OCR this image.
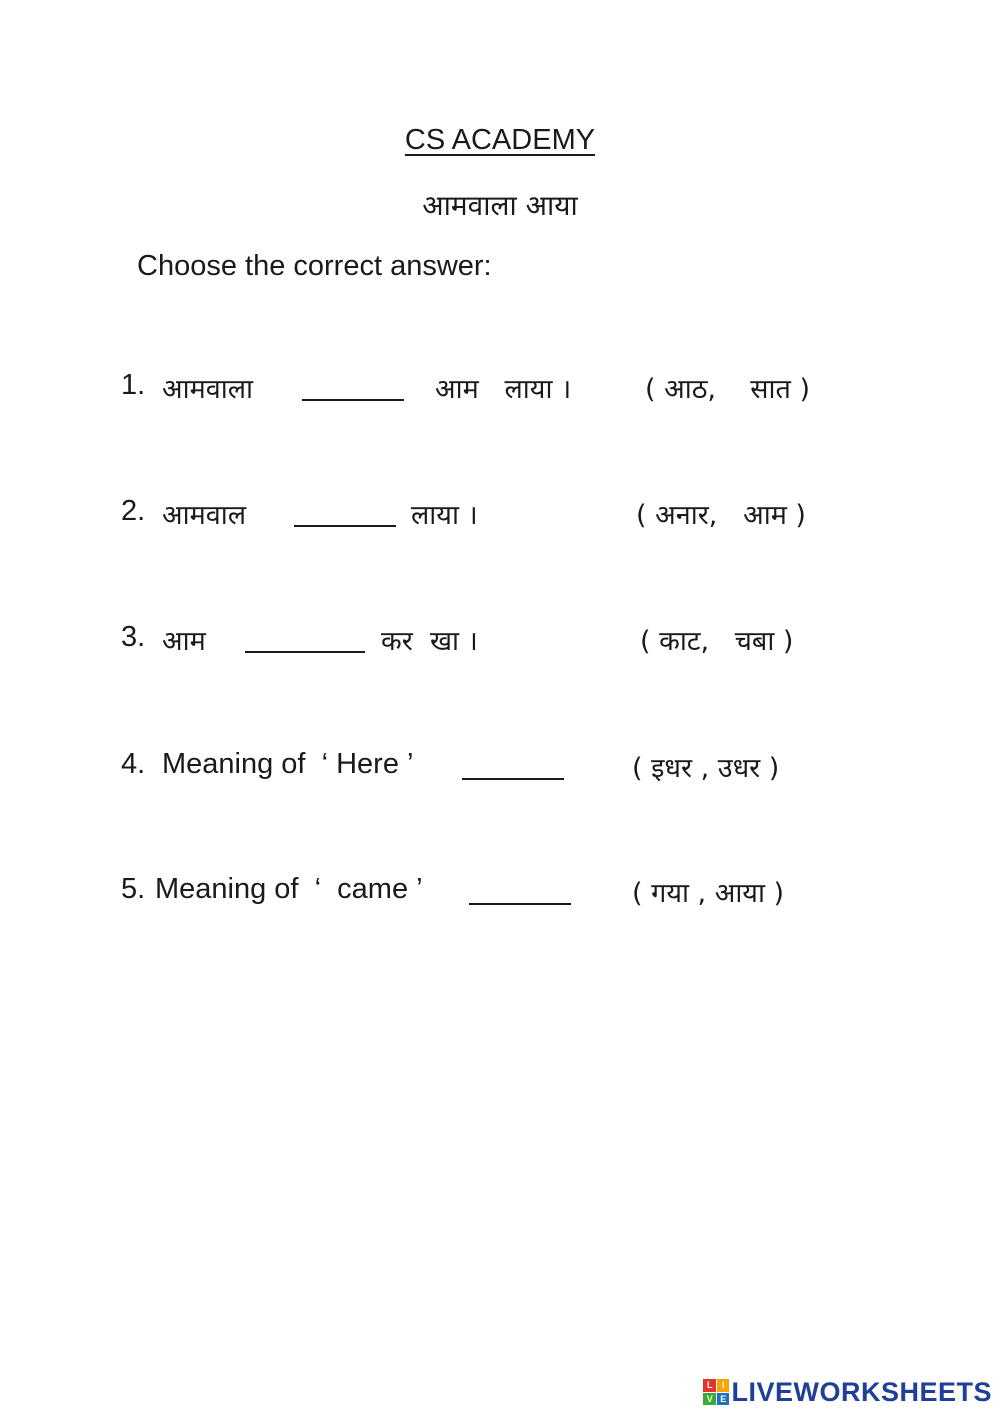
CS ACADEMY
आमवाला आया
Choose the correct answer:
1. आमवाला	आम   लाया ।	( आठ,    सात )
2. आमवाल	लाया ।	( अनार,   आम )
3. आम	कर  खा ।	( काट,   चबा )
4. Meaning of  ‘ Here ’	( इधर , उधर )
5. Meaning of  ‘  came ’	( गया , आया )
L	I
V E LIVEWORKSHEETS
